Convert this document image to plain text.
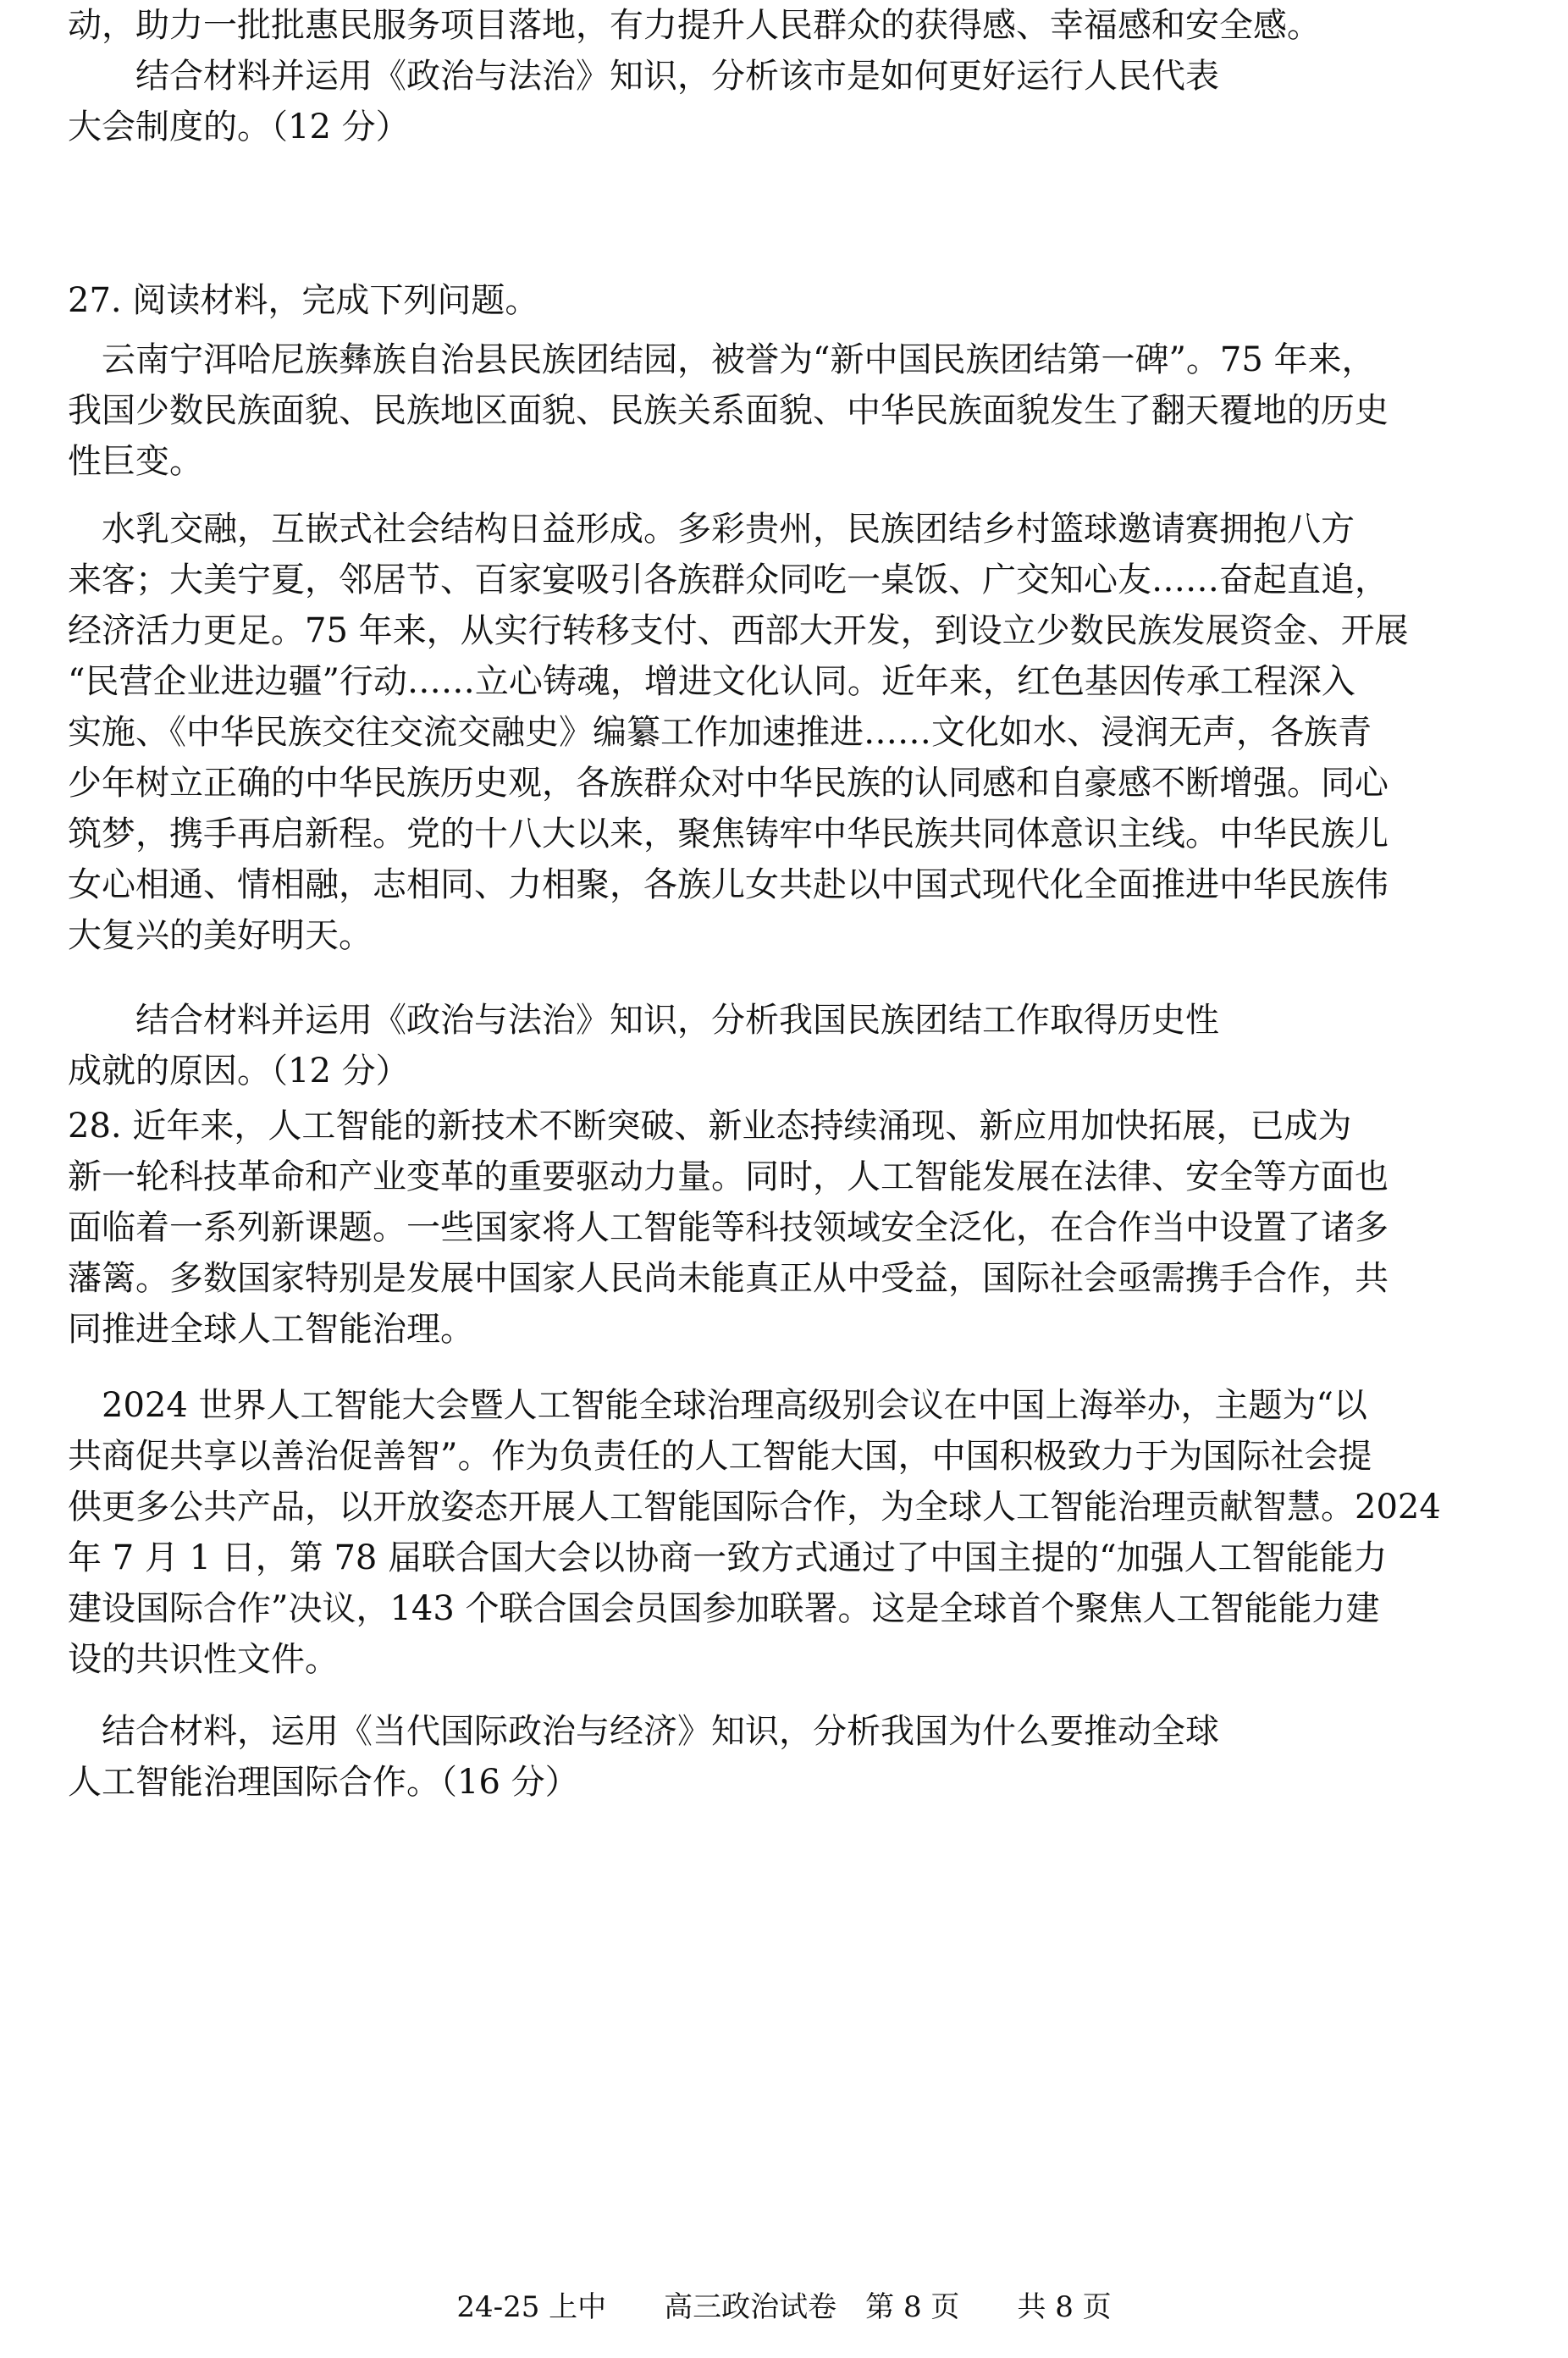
动，助力一批批惠民服务项目落地，有力提升人民群众的获得感、幸福感和安全感。
　　结合材料并运用《政治与法治》知识，分析该市是如何更好运行人民代表
大会制度的。（12 分）
27. 阅读材料，完成下列问题。
　云南宁洱哈尼族彝族自治县民族团结园，被誉为“新中国民族团结第一碑”。75 年来，
我国少数民族面貌、民族地区面貌、民族关系面貌、中华民族面貌发生了翻天覆地的历史
性巨变。
　水乳交融，互嵌式社会结构日益形成。多彩贵州，民族团结乡村篮球邀请赛拥抱八方
来客；大美宁夏，邻居节、百家宴吸引各族群众同吃一桌饭、广交知心友……奋起直追，
经济活力更足。75 年来，从实行转移支付、西部大开发，到设立少数民族发展资金、开展
“民营企业进边疆”行动……立心铸魂，增进文化认同。近年来，红色基因传承工程深入
实施、《中华民族交往交流交融史》编纂工作加速推进……文化如水、浸润无声，各族青
少年树立正确的中华民族历史观，各族群众对中华民族的认同感和自豪感不断增强。同心
筑梦，携手再启新程。党的十八大以来，聚焦铸牢中华民族共同体意识主线。中华民族儿
女心相通、情相融，志相同、力相聚，各族儿女共赴以中国式现代化全面推进中华民族伟
大复兴的美好明天。
　　结合材料并运用《政治与法治》知识，分析我国民族团结工作取得历史性
成就的原因。（12 分）
28. 近年来，人工智能的新技术不断突破、新业态持续涌现、新应用加快拓展，已成为
新一轮科技革命和产业变革的重要驱动力量。同时，人工智能发展在法律、安全等方面也
面临着一系列新课题。一些国家将人工智能等科技领域安全泛化，在合作当中设置了诸多
藩篱。多数国家特别是发展中国家人民尚未能真正从中受益，国际社会亟需携手合作，共
同推进全球人工智能治理。
　2024 世界人工智能大会暨人工智能全球治理高级别会议在中国上海举办，主题为“以
共商促共享以善治促善智”。作为负责任的人工智能大国，中国积极致力于为国际社会提
供更多公共产品，以开放姿态开展人工智能国际合作，为全球人工智能治理贡献智慧。2024
年 7 月 1 日，第 78 届联合国大会以协商一致方式通过了中国主提的“加强人工智能能力
建设国际合作”决议，143 个联合国会员国参加联署。这是全球首个聚焦人工智能能力建
设的共识性文件。
　结合材料，运用《当代国际政治与经济》知识，分析我国为什么要推动全球
人工智能治理国际合作。（16 分）
24-25 上中　　高三政治试卷　第 8 页　　共 8 页
